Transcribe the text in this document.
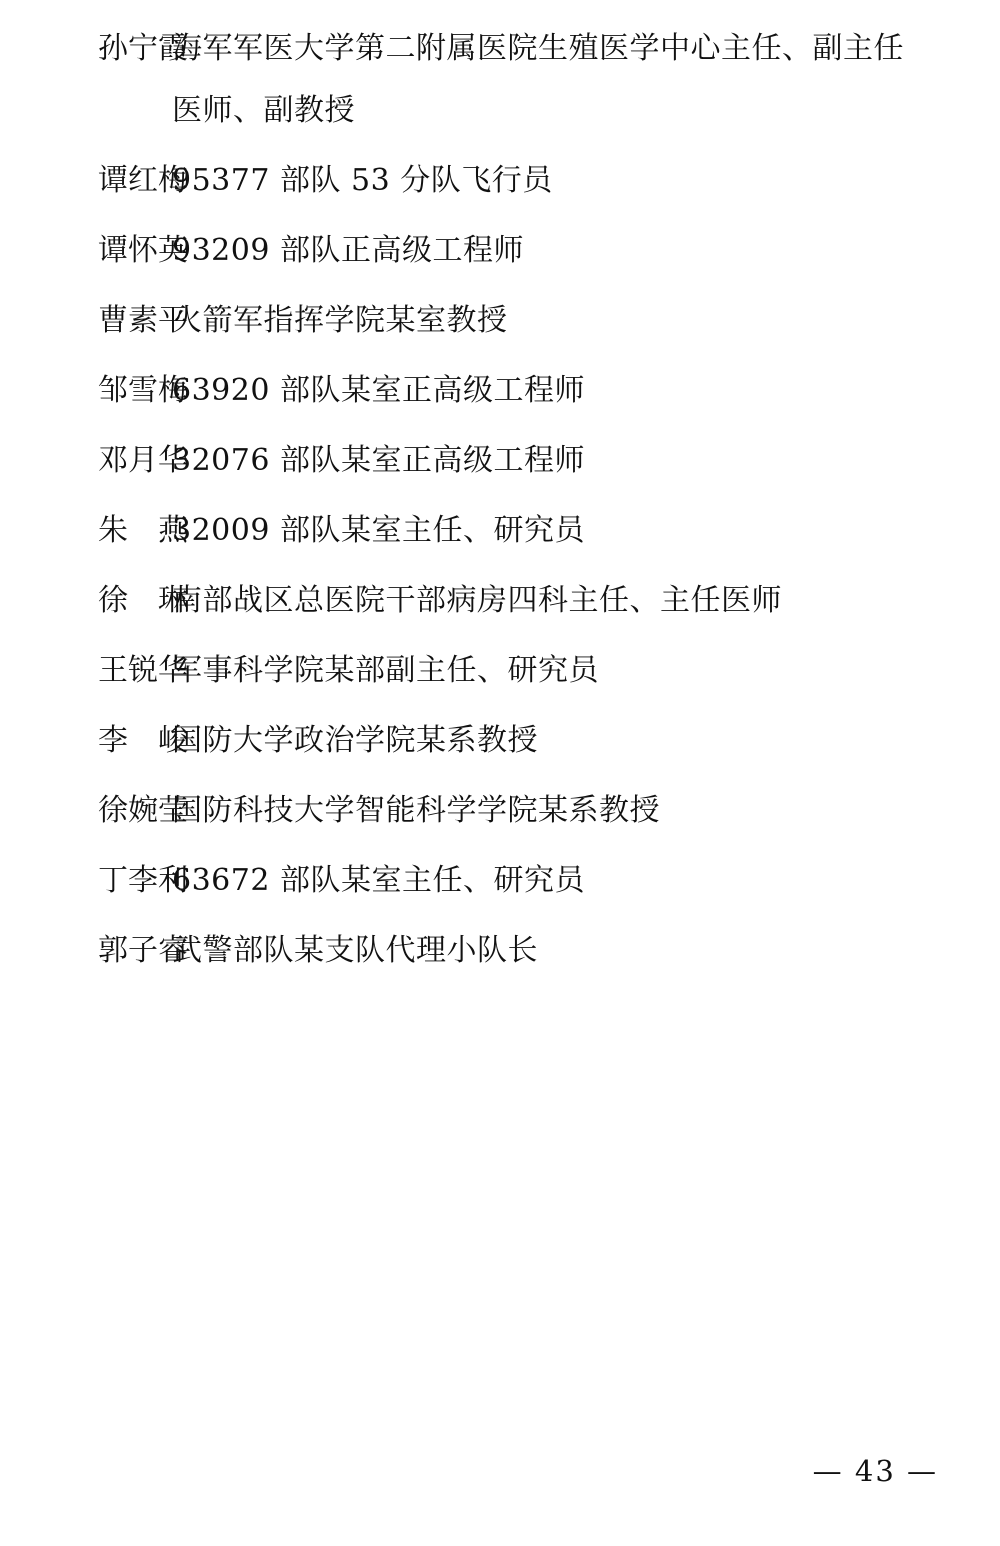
孙宁霞
海军军医大学第二附属医院生殖医学中心主任、副主任医师、副教授
谭红梅
95377 部队 53 分队飞行员
谭怀英
93209 部队正高级工程师
曹素平
火箭军指挥学院某室教授
邹雪梅
63920 部队某室正高级工程师
邓月华
32076 部队某室正高级工程师
朱　燕
32009 部队某室主任、研究员
徐　琳
南部战区总医院干部病房四科主任、主任医师
王锐华
军事科学院某部副主任、研究员
李　峻
国防大学政治学院某系教授
徐婉莹
国防科技大学智能科学学院某系教授
丁李利
63672 部队某室主任、研究员
郭子睿
武警部队某支队代理小队长
— 43 —
